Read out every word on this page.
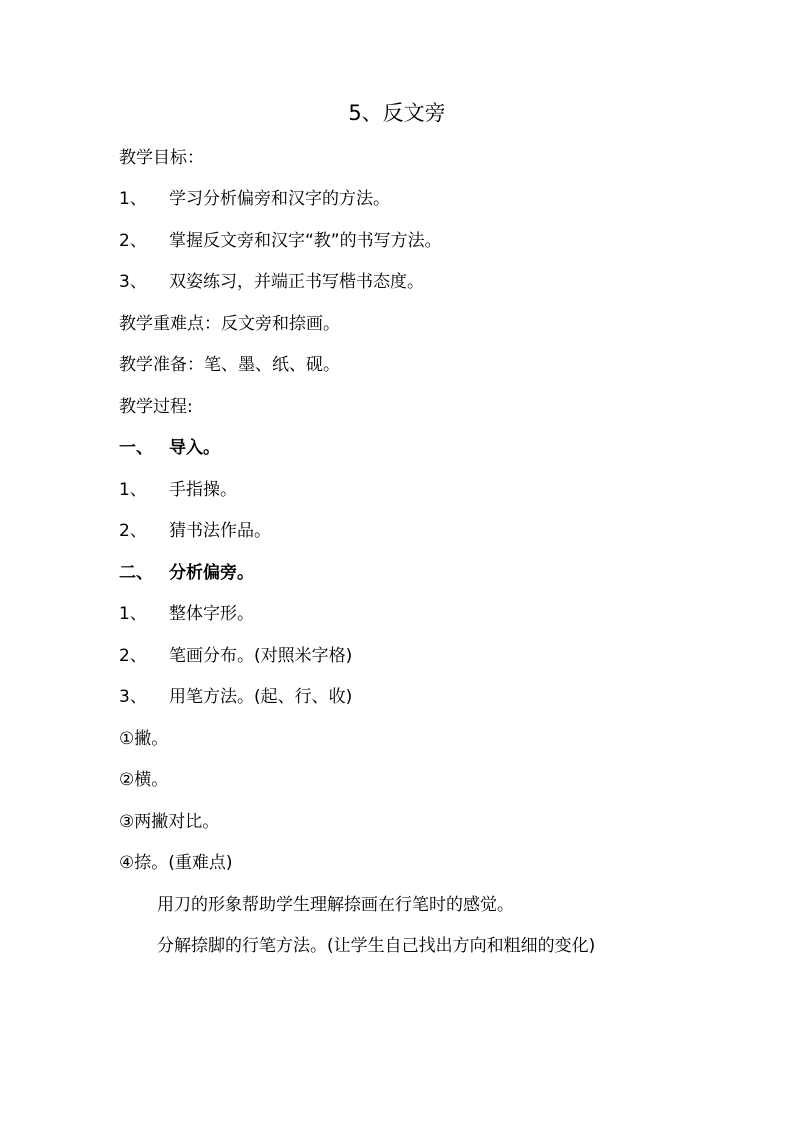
5、反文旁
教学目标：
1、 学习分析偏旁和汉字的方法。
2、 掌握反文旁和汉字“教”的书写方法。
3、 双姿练习，并端正书写楷书态度。
教学重难点：反文旁和捺画。
教学准备：笔、墨、纸、砚。
教学过程:
一、 导入。
1、 手指操。
2、 猜书法作品。
二、 分析偏旁。
1、 整体字形。
2、 笔画分布。(对照米字格)
3、 用笔方法。(起、行、收)
①撇。
②横。
③两撇对比。
④捺。(重难点)
用刀的形象帮助学生理解捺画在行笔时的感觉。
分解捺脚的行笔方法。(让学生自己找出方向和粗细的变化)
